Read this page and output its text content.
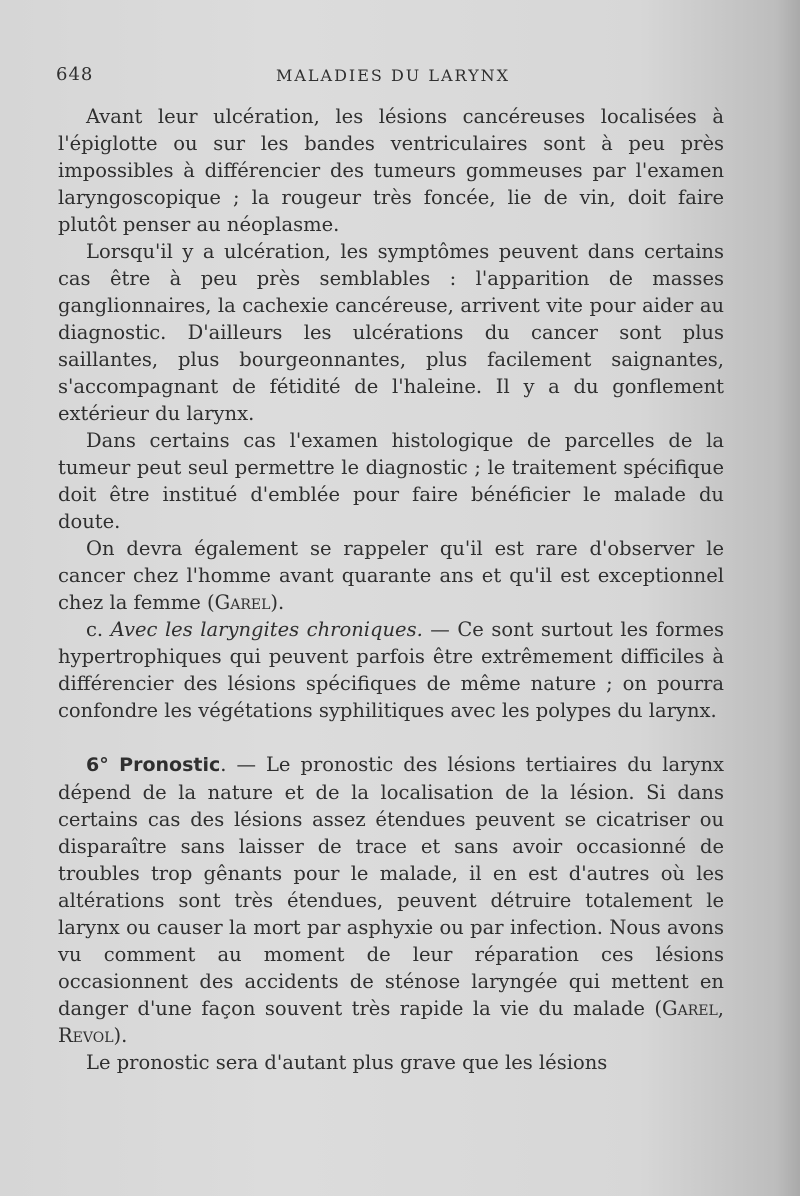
648	MALADIES DU LARYNX

Avant leur ulcération, les lésions cancéreuses localisées à l'épiglotte ou sur les bandes ventriculaires sont à peu près impossibles à différencier des tumeurs gommeuses par l'examen laryngoscopique ; la rougeur très foncée, lie de vin, doit faire plutôt penser au néoplasme.

Lorsqu'il y a ulcération, les symptômes peuvent dans certains cas être à peu près semblables : l'apparition de masses ganglionnaires, la cachexie cancéreuse, arrivent vite pour aider au diagnostic. D'ailleurs les ulcérations du cancer sont plus saillantes, plus bourgeonnantes, plus facilement saignantes, s'accompagnant de fétidité de l'haleine. Il y a du gonflement extérieur du larynx.

Dans certains cas l'examen histologique de parcelles de la tumeur peut seul permettre le diagnostic ; le traitement spécifique doit être institué d'emblée pour faire bénéficier le malade du doute.

On devra également se rappeler qu'il est rare d'observer le cancer chez l'homme avant quarante ans et qu'il est exceptionnel chez la femme (Garel).

c. Avec les laryngites chroniques. — Ce sont surtout les formes hypertrophiques qui peuvent parfois être extrêmement difficiles à différencier des lésions spécifiques de même nature ; on pourra confondre les végétations syphilitiques avec les polypes du larynx.

6° Pronostic. — Le pronostic des lésions tertiaires du larynx dépend de la nature et de la localisation de la lésion. Si dans certains cas des lésions assez étendues peuvent se cicatriser ou disparaître sans laisser de trace et sans avoir occasionné de troubles trop gênants pour le malade, il en est d'autres où les altérations sont très étendues, peuvent détruire totalement le larynx ou causer la mort par asphyxie ou par infection. Nous avons vu comment au moment de leur réparation ces lésions occasionnent des accidents de sténose laryngée qui mettent en danger d'une façon souvent très rapide la vie du malade (Garel, Revol).

Le pronostic sera d'autant plus grave que les lésions
